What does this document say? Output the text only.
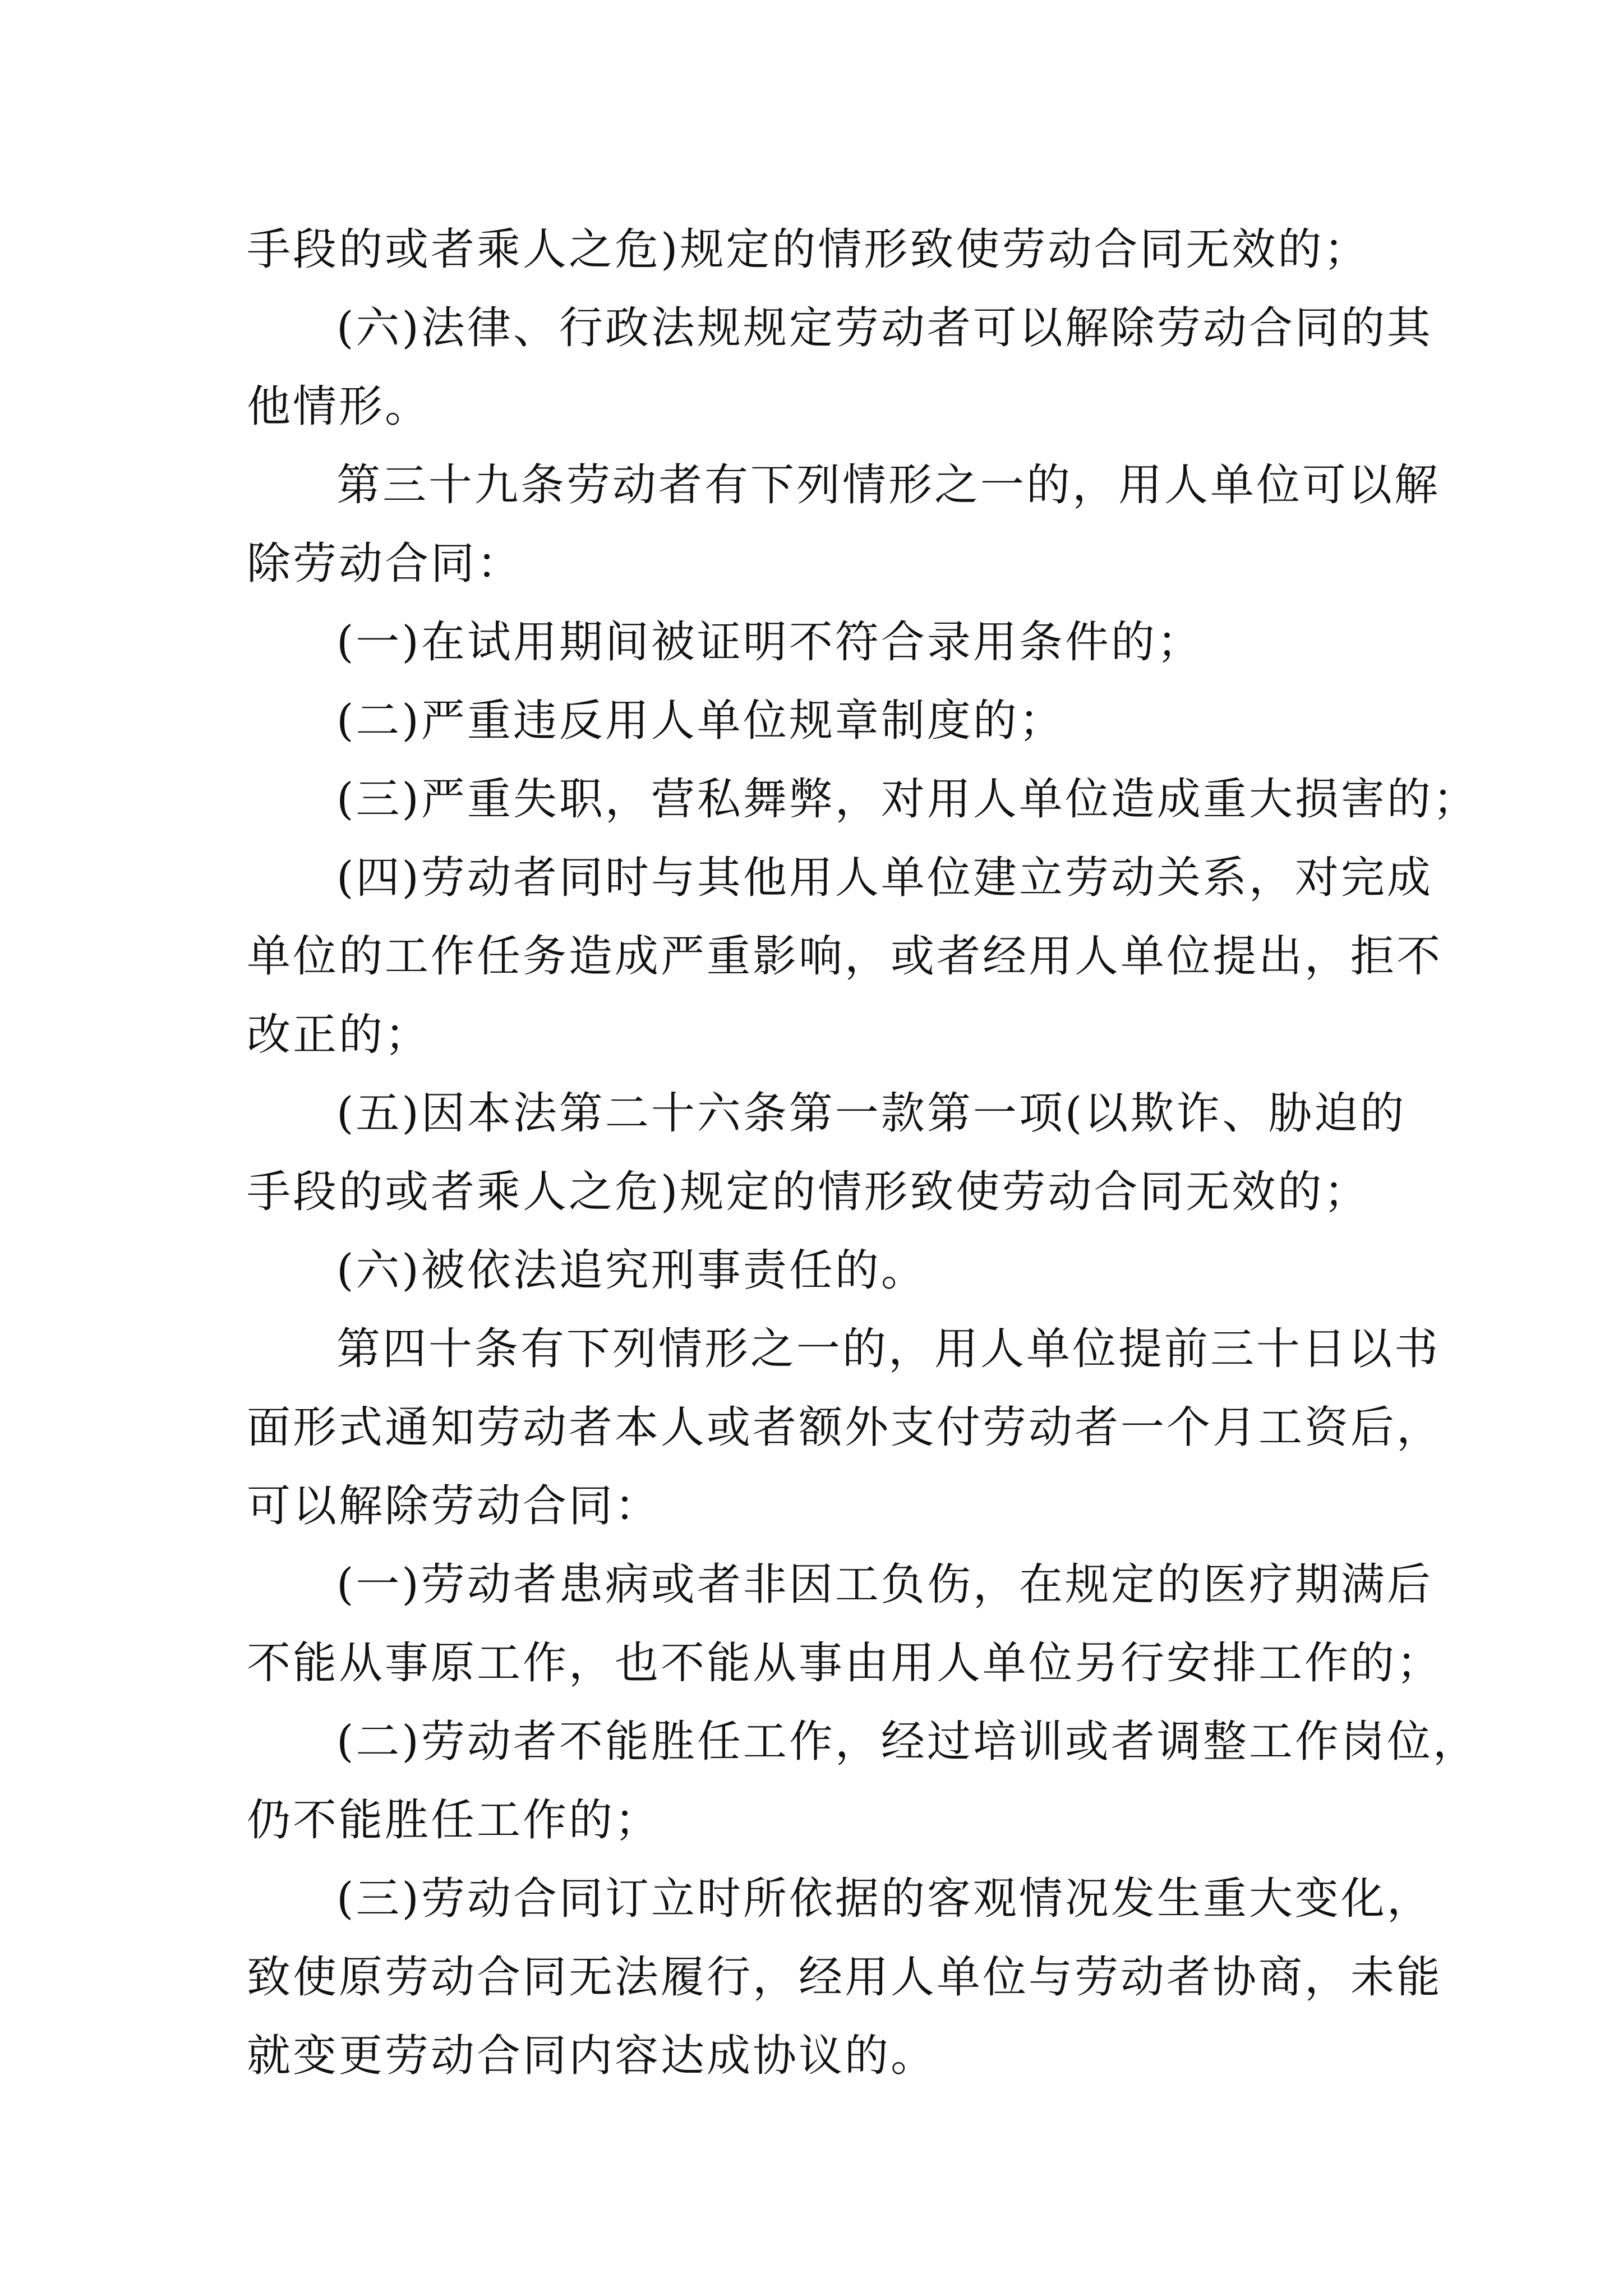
手段的或者乘人之危)规定的情形致使劳动合同无效的；
(六)法律、行政法规规定劳动者可以解除劳动合同的其
他情形。
第三十九条劳动者有下列情形之一的，用人单位可以解
除劳动合同：
(一)在试用期间被证明不符合录用条件的；
(二)严重违反用人单位规章制度的；
(三)严重失职，营私舞弊，对用人单位造成重大损害的；
(四)劳动者同时与其他用人单位建立劳动关系，对完成
单位的工作任务造成严重影响，或者经用人单位提出，拒不
改正的；
(五)因本法第二十六条第一款第一项(以欺诈、胁迫的
手段的或者乘人之危)规定的情形致使劳动合同无效的；
(六)被依法追究刑事责任的。
第四十条有下列情形之一的，用人单位提前三十日以书
面形式通知劳动者本人或者额外支付劳动者一个月工资后，
可以解除劳动合同：
(一)劳动者患病或者非因工负伤，在规定的医疗期满后
不能从事原工作，也不能从事由用人单位另行安排工作的；
(二)劳动者不能胜任工作，经过培训或者调整工作岗位，
仍不能胜任工作的；
(三)劳动合同订立时所依据的客观情况发生重大变化，
致使原劳动合同无法履行，经用人单位与劳动者协商，未能
就变更劳动合同内容达成协议的。
